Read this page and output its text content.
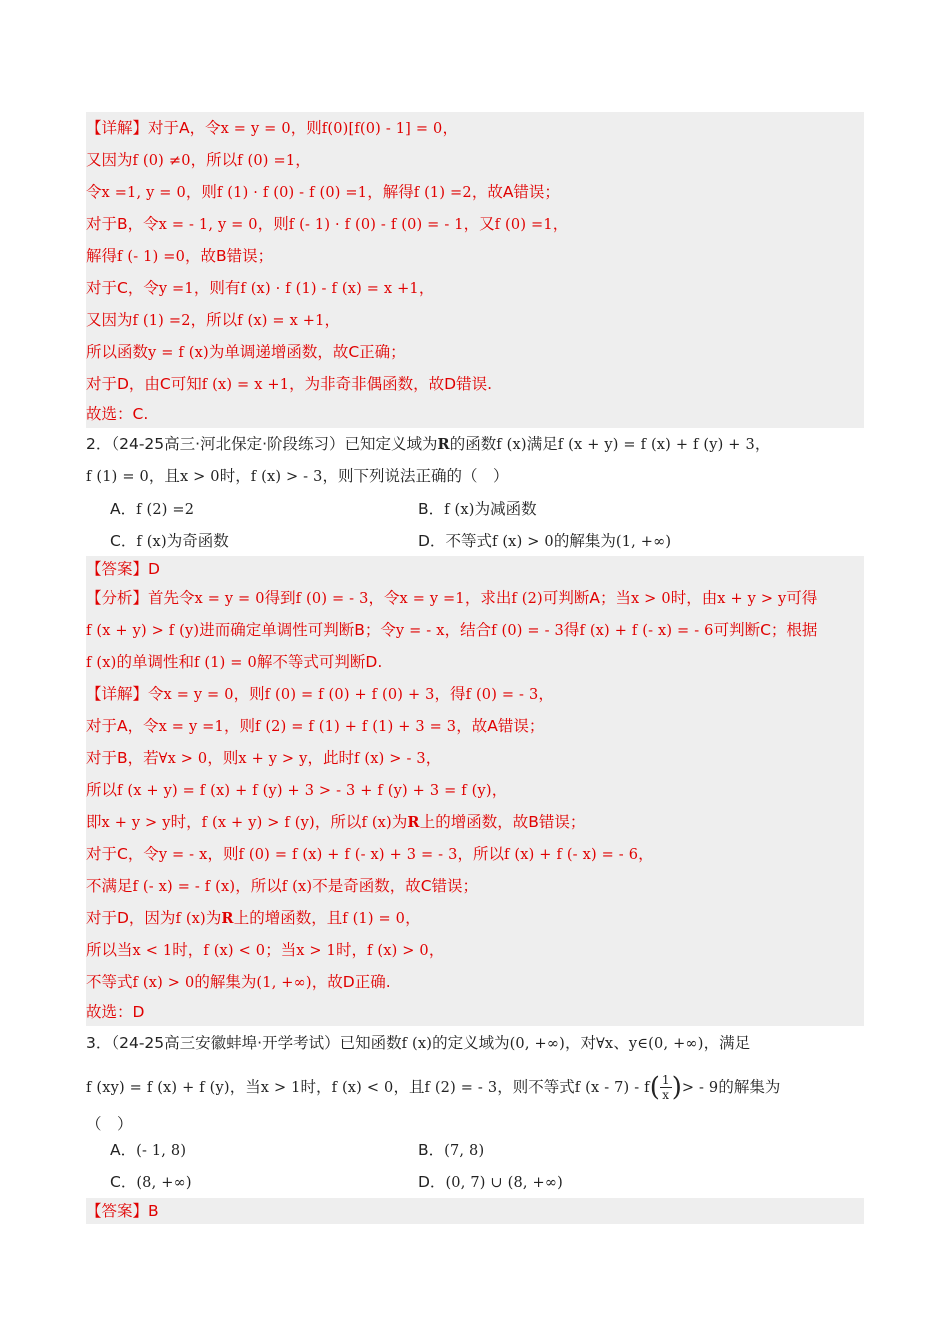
【详解】对于A，令x = y = 0，则f(0)[f(0) - 1] = 0，
又因为f (0) ≠0，所以f (0) =1，
令x =1, y = 0，则f (1) · f (0) - f (0) =1，解得f (1) =2，故A错误；
对于B，令x = - 1, y = 0，则f (- 1) · f (0) - f (0) = - 1，又f (0) =1，
解得f (- 1) =0，故B错误；
对于C，令y =1，则有f (x) · f (1) - f (x) = x +1，
又因为f (1) =2，所以f (x) = x +1，
所以函数y = f (x)为单调递增函数，故C正确；
对于D，由C可知f (x) = x +1，为非奇非偶函数，故D错误.
故选：C.
2．（24-25高三·河北保定·阶段练习）已知定义域为R的函数f (x)满足f (x + y) = f (x) + f (y) + 3，
f (1) = 0，且x > 0时，f (x) > - 3，则下列说法正确的（　）
A．f (2) =2	B．f (x)为减函数
C．f (x)为奇函数	D．不等式f (x) > 0的解集为(1, +∞)
【答案】D
【分析】首先令x = y = 0得到f (0) = - 3，令x = y =1，求出f (2)可判断A；当x > 0时，由x + y > y可得
f (x + y) > f (y)进而确定单调性可判断B；令y = - x，结合f (0) = - 3得f (x) + f (- x) = - 6可判断C；根据
f (x)的单调性和f (1) = 0解不等式可判断D.
【详解】令x = y = 0，则f (0) = f (0) + f (0) + 3，得f (0) = - 3，
对于A，令x = y =1，则f (2) = f (1) + f (1) + 3 = 3，故A错误；
对于B，若∀x > 0，则x + y > y，此时f (x) > - 3，
所以f (x + y) = f (x) + f (y) + 3 > - 3 + f (y) + 3 = f (y)，
即x + y > y时，f (x + y) > f (y)，所以f (x)为R上的增函数，故B错误；
对于C，令y = - x，则f (0) = f (x) + f (- x) + 3 = - 3，所以f (x) + f (- x) = - 6，
不满足f (- x) = - f (x)，所以f (x)不是奇函数，故C错误；
对于D，因为f (x)为R上的增函数，且f (1) = 0，
所以当x < 1时，f (x) < 0；当x > 1时，f (x) > 0，
不等式f (x) > 0的解集为(1, +∞)，故D正确.
故选：D
3．（24-25高三安徽蚌埠·开学考试）已知函数f (x)的定义域为(0, +∞)，对∀x、y∈(0, +∞)，满足
f (xy) = f (x) + f (y)，当x > 1时，f (x) < 0，且f (2) = - 3，则不等式f $(x - 7) - f( \frac{1}{x}$ )> - 9的解集为
（　）
A．(- 1, 8)	B．(7, 8)
C．(8, +∞)	D．(0, 7) ∪ (8, +∞)
【答案】B
